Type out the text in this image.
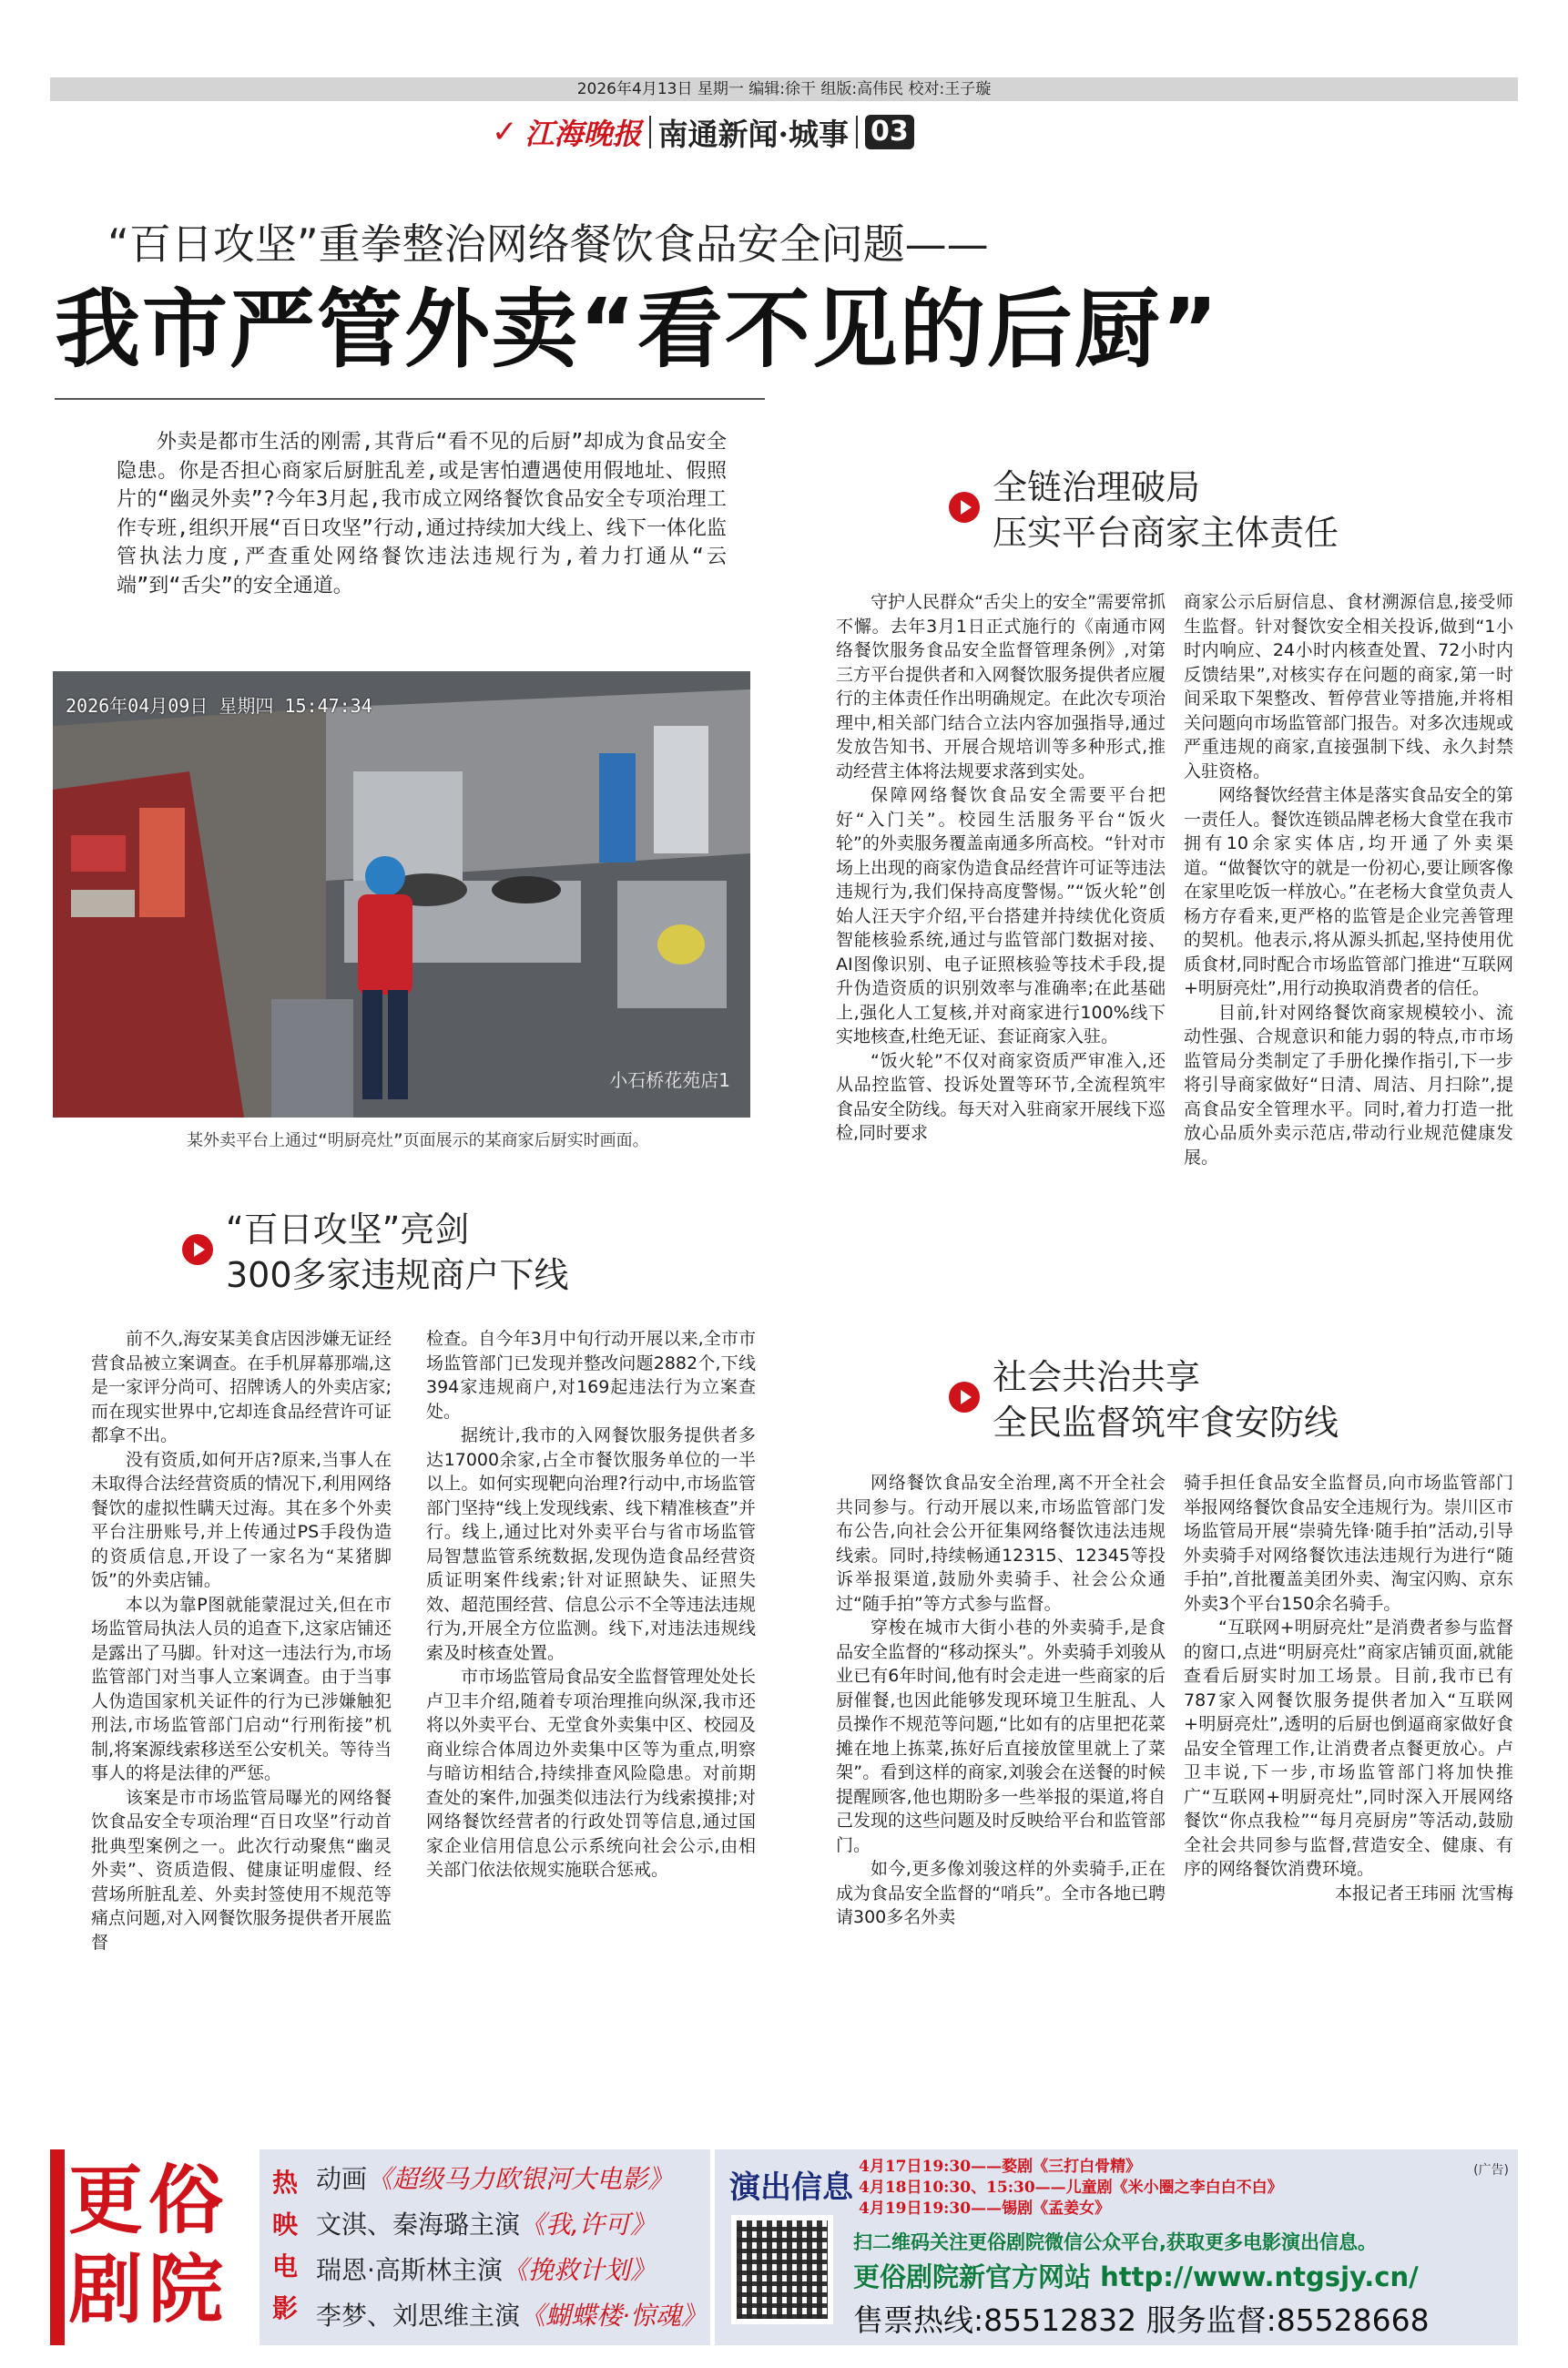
2026年4月13日 星期一 编辑:徐干 组版:高伟民 校对:王子璇
✓ 江海晚报 南通新闻·城事 03
“百日攻坚”重拳整治网络餐饮食品安全问题——
我市严管外卖“看不见的后厨”
外卖是都市生活的刚需,其背后“看不见的后厨”却成为食品安全隐患。你是否担心商家后厨脏乱差,或是害怕遭遇使用假地址、假照片的“幽灵外卖”?今年3月起,我市成立网络餐饮食品安全专项治理工作专班,组织开展“百日攻坚”行动,通过持续加大线上、线下一体化监管执法力度,严查重处网络餐饮违法违规行为,着力打通从“云端”到“舌尖”的安全通道。
2026年04月09日 星期四 15:47:34
小石桥花苑店1
某外卖平台上通过“明厨亮灶”页面展示的某商家后厨实时画面。
全链治理破局
压实平台商家主体责任

守护人民群众“舌尖上的安全”需要常抓不懈。去年3月1日正式施行的《南通市网络餐饮服务食品安全监督管理条例》,对第三方平台提供者和入网餐饮服务提供者应履行的主体责任作出明确规定。在此次专项治理中,相关部门结合立法内容加强指导,通过发放告知书、开展合规培训等多种形式,推动经营主体将法规要求落到实处。

保障网络餐饮食品安全需要平台把好“入门关”。校园生活服务平台“饭火轮”的外卖服务覆盖南通多所高校。“针对市场上出现的商家伪造食品经营许可证等违法违规行为,我们保持高度警惕。”“饭火轮”创始人汪天宇介绍,平台搭建并持续优化资质智能核验系统,通过与监管部门数据对接、AI图像识别、电子证照核验等技术手段,提升伪造资质的识别效率与准确率;在此基础上,强化人工复核,并对商家进行100%线下实地核查,杜绝无证、套证商家入驻。

“饭火轮”不仅对商家资质严审准入,还从品控监管、投诉处置等环节,全流程筑牢食品安全防线。每天对入驻商家开展线下巡检,同时要求

商家公示后厨信息、食材溯源信息,接受师生监督。针对餐饮安全相关投诉,做到“1小时内响应、24小时内核查处置、72小时内反馈结果”,对核实存在问题的商家,第一时间采取下架整改、暂停营业等措施,并将相关问题向市场监管部门报告。对多次违规或严重违规的商家,直接强制下线、永久封禁入驻资格。

网络餐饮经营主体是落实食品安全的第一责任人。餐饮连锁品牌老杨大食堂在我市拥有10余家实体店,均开通了外卖渠道。“做餐饮守的就是一份初心,要让顾客像在家里吃饭一样放心。”在老杨大食堂负责人杨方存看来,更严格的监管是企业完善管理的契机。他表示,将从源头抓起,坚持使用优质食材,同时配合市场监管部门推进“互联网+明厨亮灶”,用行动换取消费者的信任。

目前,针对网络餐饮商家规模较小、流动性强、合规意识和能力弱的特点,市市场监管局分类制定了手册化操作指引,下一步将引导商家做好“日清、周洁、月扫除”,提高食品安全管理水平。同时,着力打造一批放心品质外卖示范店,带动行业规范健康发展。

“百日攻坚”亮剑
300多家违规商户下线

前不久,海安某美食店因涉嫌无证经营食品被立案调查。在手机屏幕那端,这是一家评分尚可、招牌诱人的外卖店家;而在现实世界中,它却连食品经营许可证都拿不出。

没有资质,如何开店?原来,当事人在未取得合法经营资质的情况下,利用网络餐饮的虚拟性瞒天过海。其在多个外卖平台注册账号,并上传通过PS手段伪造的资质信息,开设了一家名为“某猪脚饭”的外卖店铺。

本以为靠P图就能蒙混过关,但在市场监管局执法人员的追查下,这家店铺还是露出了马脚。针对这一违法行为,市场监管部门对当事人立案调查。由于当事人伪造国家机关证件的行为已涉嫌触犯刑法,市场监管部门启动“行刑衔接”机制,将案源线索移送至公安机关。等待当事人的将是法律的严惩。

该案是市市场监管局曝光的网络餐饮食品安全专项治理“百日攻坚”行动首批典型案例之一。此次行动聚焦“幽灵外卖”、资质造假、健康证明虚假、经营场所脏乱差、外卖封签使用不规范等痛点问题,对入网餐饮服务提供者开展监督

检查。自今年3月中旬行动开展以来,全市市场监管部门已发现并整改问题2882个,下线394家违规商户,对169起违法行为立案查处。

据统计,我市的入网餐饮服务提供者多达17000余家,占全市餐饮服务单位的一半以上。如何实现靶向治理?行动中,市场监管部门坚持“线上发现线索、线下精准核查”并行。线上,通过比对外卖平台与省市场监管局智慧监管系统数据,发现伪造食品经营资质证明案件线索;针对证照缺失、证照失效、超范围经营、信息公示不全等违法违规行为,开展全方位监测。线下,对违法违规线索及时核查处置。

市市场监管局食品安全监督管理处处长卢卫丰介绍,随着专项治理推向纵深,我市还将以外卖平台、无堂食外卖集中区、校园及商业综合体周边外卖集中区等为重点,明察与暗访相结合,持续排查风险隐患。对前期查处的案件,加强类似违法行为线索摸排;对网络餐饮经营者的行政处罚等信息,通过国家企业信用信息公示系统向社会公示,由相关部门依法依规实施联合惩戒。

社会共治共享
全民监督筑牢食安防线

网络餐饮食品安全治理,离不开全社会共同参与。行动开展以来,市场监管部门发布公告,向社会公开征集网络餐饮违法违规线索。同时,持续畅通12315、12345等投诉举报渠道,鼓励外卖骑手、社会公众通过“随手拍”等方式参与监督。

穿梭在城市大街小巷的外卖骑手,是食品安全监督的“移动探头”。外卖骑手刘骏从业已有6年时间,他有时会走进一些商家的后厨催餐,也因此能够发现环境卫生脏乱、人员操作不规范等问题,“比如有的店里把花菜摊在地上拣菜,拣好后直接放筐里就上了菜架”。看到这样的商家,刘骏会在送餐的时候提醒顾客,他也期盼多一些举报的渠道,将自己发现的这些问题及时反映给平台和监管部门。

如今,更多像刘骏这样的外卖骑手,正在成为食品安全监督的“哨兵”。全市各地已聘请300多名外卖

骑手担任食品安全监督员,向市场监管部门举报网络餐饮食品安全违规行为。崇川区市场监管局开展“崇骑先锋·随手拍”活动,引导外卖骑手对网络餐饮违法违规行为进行“随手拍”,首批覆盖美团外卖、淘宝闪购、京东外卖3个平台150余名骑手。

“互联网+明厨亮灶”是消费者参与监督的窗口,点进“明厨亮灶”商家店铺页面,就能查看后厨实时加工场景。目前,我市已有787家入网餐饮服务提供者加入“互联网+明厨亮灶”,透明的后厨也倒逼商家做好食品安全管理工作,让消费者点餐更放心。卢卫丰说,下一步,市场监管部门将加快推广“互联网+明厨亮灶”,同时深入开展网络餐饮“你点我检”“每月亮厨房”等活动,鼓励全社会共同参与监督,营造安全、健康、有序的网络餐饮消费环境。

本报记者王玮丽 沈雪梅

更俗
剧院
热映电影
动画《超级马力欧银河大电影》
文淇、秦海璐主演《我,许可》
瑞恩·高斯林主演《挽救计划》
李梦、刘思维主演《蝴蝶楼·惊魂》
演出信息	(广告)
4月17日19:30——婺剧《三打白骨精》
4月18日10:30、15:30——儿童剧《米小圈之李白白不白》
4月19日19:30——锡剧《孟姜女》
扫二维码关注更俗剧院微信公众平台,获取更多电影演出信息。
更俗剧院新官方网站 http://www.ntgsjy.cn/
售票热线:85512832 服务监督:85528668
